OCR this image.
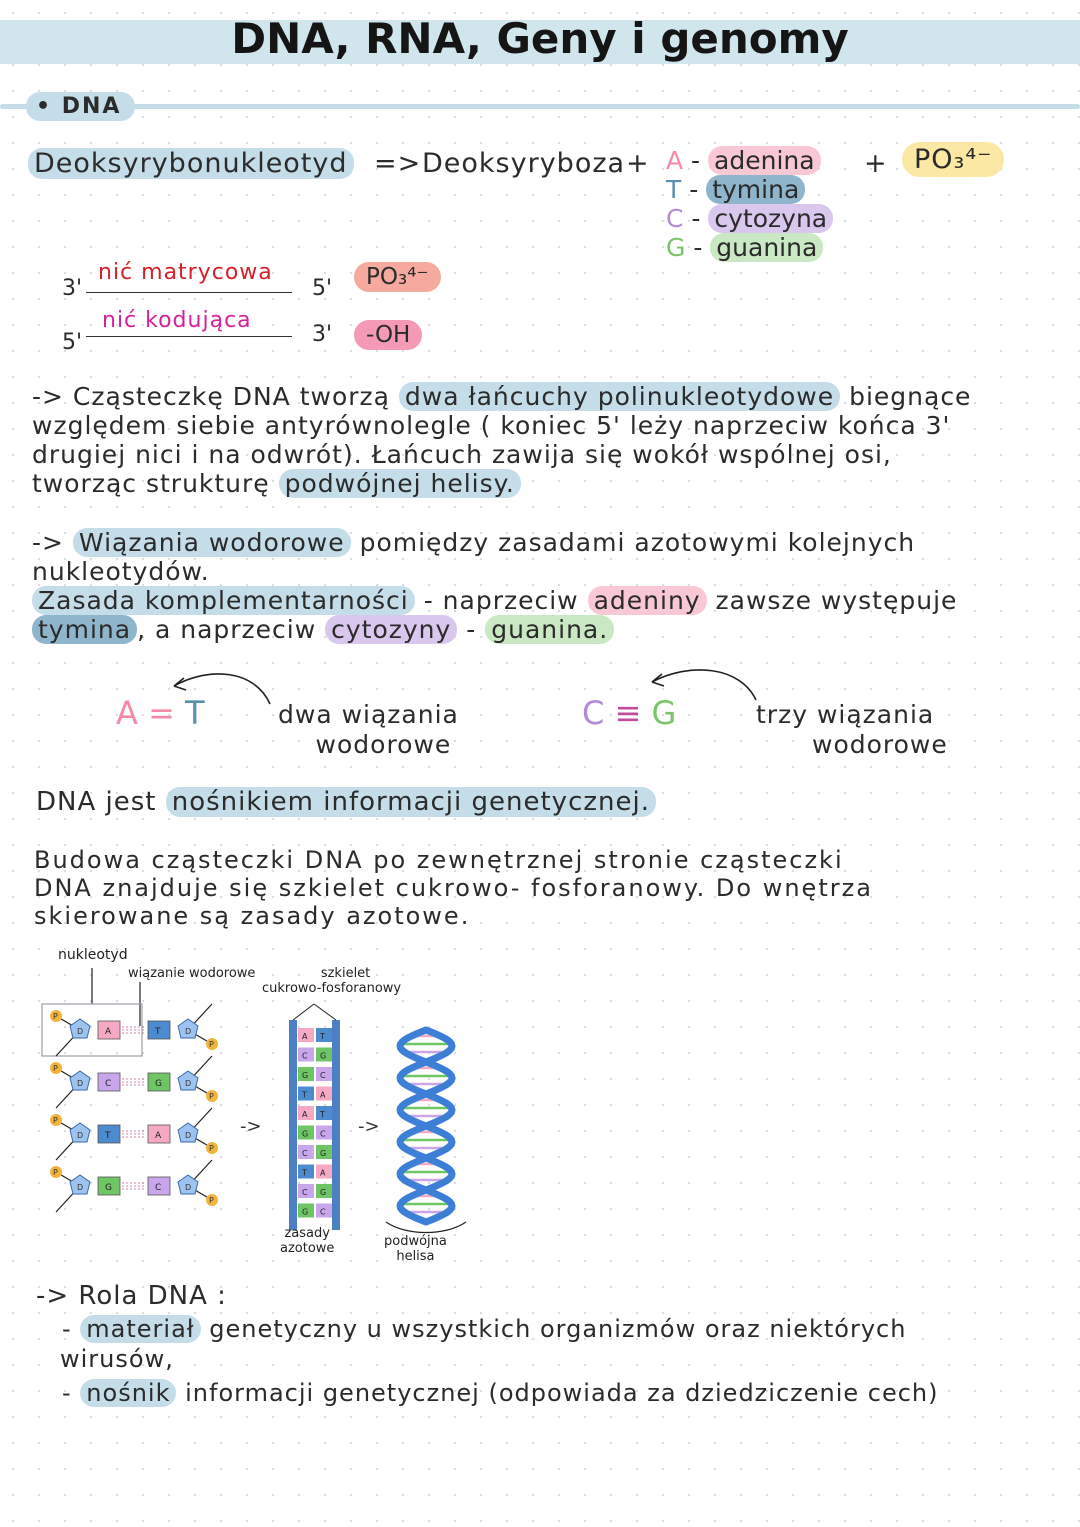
DNA, RNA, Geny i genomy
• DNA
Deoksyrybonukleotyd => Deoksyryboza + A - adenina
T - tymina
C - cytozyna
G - guanina
+ PO₃⁴⁻
3'
nić matrycowa
5'	PO₃⁴⁻
5'
nić kodująca
3'	-OH
-> Cząsteczkę DNA tworzą dwa łańcuchy polinukleotydowe biegnące
względem siebie antyrównolegle ( koniec 5' leży naprzeciw końca 3'
drugiej nici i na odwrót). Łańcuch zawija się wokół wspólnej osi,
tworząc strukturę podwójnej helisy.
-> Wiązania wodorowe pomiędzy zasadami azotowymi kolejnych
nukleotydów.
Zasada komplementarności - naprzeciw adeniny zawsze występuje
tymina , a naprzeciw cytozyny - guanina.
A = T	dwa wiązania
wodorowe
C ≡ G	trzy wiązania
wodorowe
DNA jest nośnikiem informacji genetycznej.
Budowa cząsteczki DNA po zewnętrznej stronie cząsteczki
DNA znajduje się szkielet cukrowo- fosforanowy. Do wnętrza
skierowane są zasady azotowe.
nukleotyd
wiązanie wodorowe	szkielet
cukrowo-fosforanowy
P
P
D	D
A	T
P
P
D	D
C	G
P
P
D	D
T	A
P
P
D	D
G	C
->	->
A T
C G
G C
T A
A T
G C
C G
T A
C G
G C
zasady
azotowe	podwójna
helisa
-> Rola DNA :
- materiał genetyczny u wszystkich organizmów oraz niektórych
wirusów,
- nośnik informacji genetycznej (odpowiada za dziedziczenie cech)
